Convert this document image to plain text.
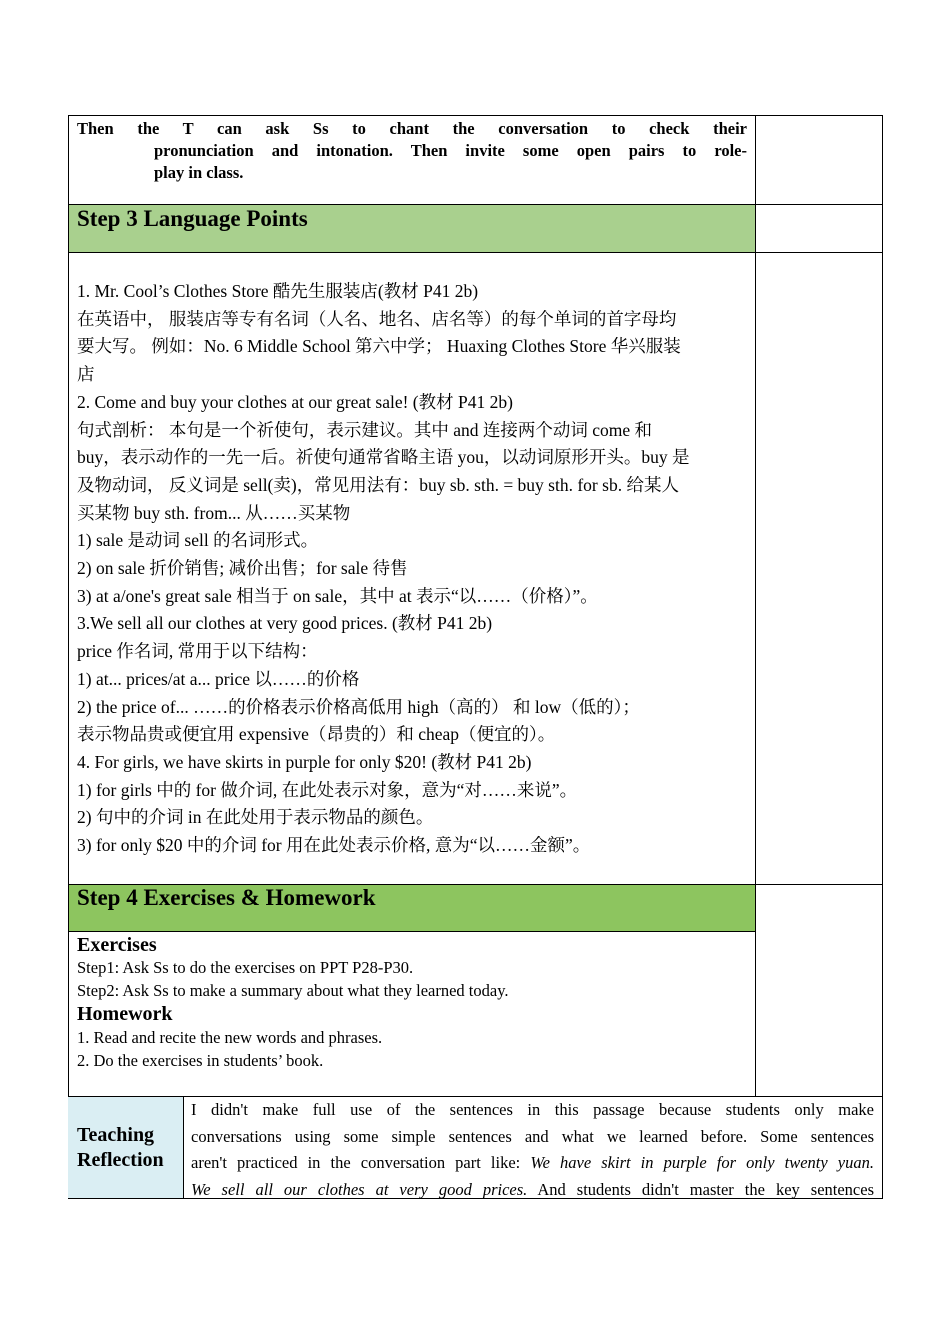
Then the T can ask Ss to chant the conversation to check their
pronunciation and intonation. Then invite some open pairs to role-
play in class.
Step 3 Language Points
1. Mr. Cool’s Clothes Store 酷先生服装店(教材 P41 2b)
在英语中， 服装店等专有名词（人名、地名、店名等）的每个单词的首字母均
要大写。 例如：No. 6 Middle School 第六中学； Huaxing Clothes Store 华兴服装
店
2. Come and buy your clothes at our great sale! (教材 P41 2b)
句式剖析： 本句是一个祈使句，表示建议。其中 and 连接两个动词 come 和
buy，表示动作的一先一后。祈使句通常省略主语 you，以动词原形开头。buy 是
及物动词， 反义词是 sell(卖)，常见用法有：buy sb. sth. = buy sth. for sb. 给某人
买某物 buy sth. from... 从……买某物
1) sale 是动词 sell 的名词形式。
2) on sale 折价销售; 减价出售；for sale 待售
3) at a/one's great sale 相当于 on sale，其中 at 表示“以……（价格）”。
3.We sell all our clothes at very good prices. (教材 P41 2b)
price 作名词, 常用于以下结构：
1) at... prices/at a... price 以……的价格
2) the price of... ……的价格表示价格高低用 high（高的） 和 low（低的）；
表示物品贵或便宜用 expensive（昂贵的）和 cheap（便宜的）。
4. For girls, we have skirts in purple for only $20! (教材 P41 2b)
1) for girls 中的 for 做介词, 在此处表示对象，意为“对……来说”。
2) 句中的介词 in 在此处用于表示物品的颜色。
3) for only $20 中的介词 for 用在此处表示价格, 意为“以……金额”。
Step 4 Exercises & Homework
Exercises
Step1: Ask Ss to do the exercises on PPT P28-P30.
Step2: Ask Ss to make a summary about what they learned today.
Homework
1. Read and recite the new words and phrases.
2. Do the exercises in students’ book.
Teaching
Reflection
I didn't make full use of the sentences in this passage because students only make
conversations using some simple sentences and what we learned before. Some sentences
aren't practiced in the conversation part like: We have skirt in purple for only twenty yuan.
We sell all our clothes at very good prices. And students didn't master the key sentences
